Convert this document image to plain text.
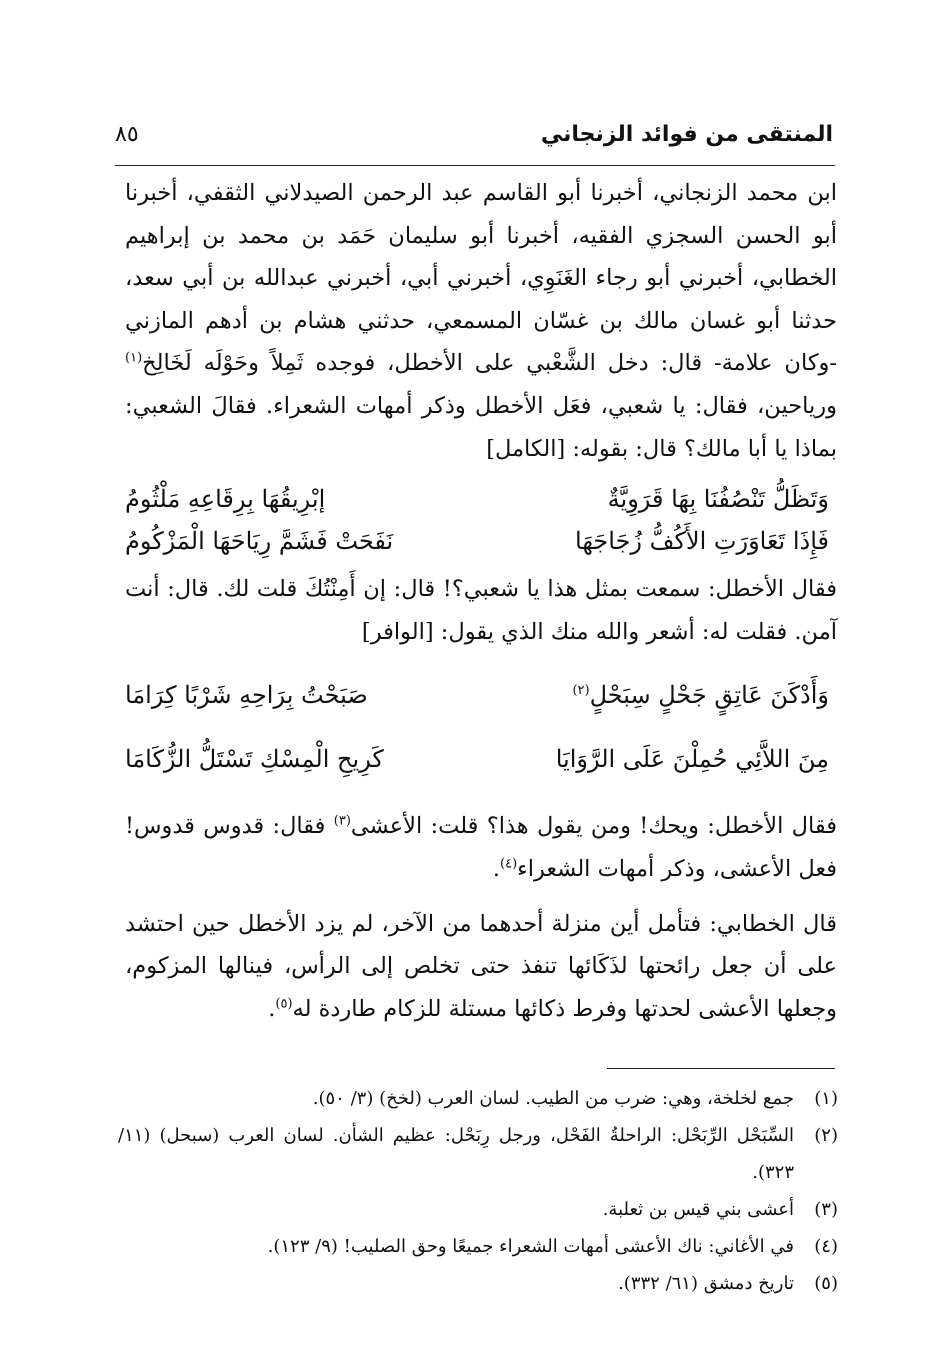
المنتقى من فوائد الزنجاني
٨٥

ابن محمد الزنجاني، أخبرنا أبو القاسم عبد الرحمن الصيدلاني الثقفي، أخبرنا أبو الحسن السجزي الفقيه، أخبرنا أبو سليمان حَمَد بن محمد بن إبراهيم الخطابي، أخبرني أبو رجاء الغَنَوِي، أخبرني أبي، أخبرني عبدالله بن أبي سعد، حدثنا أبو غسان مالك بن غسّان المسمعي، حدثني هشام بن أدهم المازني -وكان علامة- قال: دخل الشَّعْبي على الأخطل، فوجده ثَمِلاً وحَوْلَه لَخَالِخ$^{(١)}$ ورياحين، فقال: يا شعبي، فعَل الأخطل وذكر أمهات الشعراء. فقالَ الشعبي: بماذا يا أبا مالك؟ قال: بقوله: [الكامل]

وَتَظَلُّ تَنْصُفُنَا بِهَا قَرَوِيَّةٌ
إبْرِيقُهَا بِرِقَاعِهِ مَلْثُومُ
فَإِذَا تَعَاوَرَتِ الأَكُفُّ زُجَاجَهَا
نَفَحَتْ فَشَمَّ رِيَاحَهَا الْمَزْكُومُ

فقال الأخطل: سمعت بمثل هذا يا شعبي؟! قال: إن أَمِنْتُكَ قلت لك. قال: أنت آمن. فقلت له: أشعر والله منك الذي يقول: [الوافر]

وَأَدْكَنَ عَاتِقٍ جَحْلٍ سِبَحْلٍ$^{(٢)}$
صَبَحْتُ بِرَاحِهِ شَرْبًا كِرَامَا
مِنَ اللاَّئِي حُمِلْنَ عَلَى الرَّوَايَا
كَرِيحِ الْمِسْكِ تَسْتَلُّ الزُّكَامَا

فقال الأخطل: ويحك! ومن يقول هذا؟ قلت: الأعشى$^{(٣)}$ فقال: قدوس قدوس! فعل الأعشى، وذكر أمهات الشعراء$^{(٤)}$.

قال الخطابي: فتأمل أين منزلة أحدهما من الآخر، لم يزد الأخطل حين احتشد على أن جعل رائحتها لذَكَائها تنفذ حتى تخلص إلى الرأس، فينالها المزكوم، وجعلها الأعشى لحدتها وفرط ذكائها مستلة للزكام طاردة له$^{(٥)}$.

(١)
جمع لخلخة، وهي: ضرب من الطيب. لسان العرب (لخخ) (٣/ ٥٠).
(٢)
السِّبَحْل الرِّبَحْل: الراحلةُ الفَحْل، ورجل رِبَحْل: عظيم الشأن. لسان العرب (سبحل) (١١/ ٣٢٣).
(٣)
أعشى بني قيس بن ثعلبة.
(٤)
في الأغاني: ناك الأعشى أمهات الشعراء جميعًا وحق الصليب! (٩/ ١٢٣).
(٥)
تاريخ دمشق (٦١/ ٣٣٢).
